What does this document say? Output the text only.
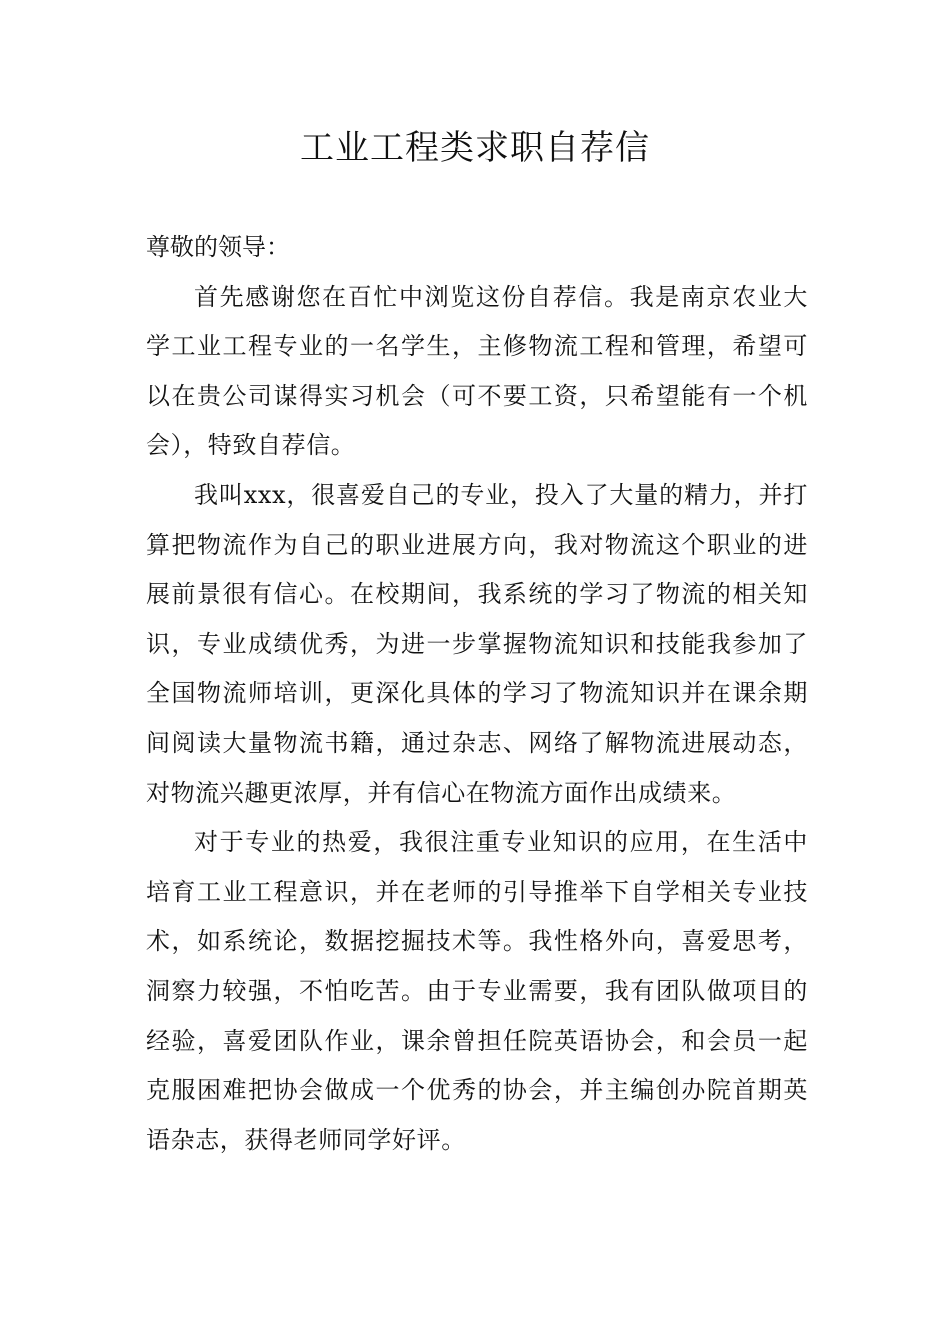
工业工程类求职自荐信

尊敬的领导：

首先感谢您在百忙中浏览这份自荐信。我是南京农业大学工业工程专业的一名学生，主修物流工程和管理，希望可以在贵公司谋得实习机会（可不要工资，只希望能有一个机会），特致自荐信。

我叫xxx，很喜爱自己的专业，投入了大量的精力，并打算把物流作为自己的职业进展方向，我对物流这个职业的进展前景很有信心。在校期间，我系统的学习了物流的相关知识，专业成绩优秀，为进一步掌握物流知识和技能我参加了全国物流师培训，更深化具体的学习了物流知识并在课余期间阅读大量物流书籍，通过杂志、网络了解物流进展动态，对物流兴趣更浓厚，并有信心在物流方面作出成绩来。

对于专业的热爱，我很注重专业知识的应用，在生活中培育工业工程意识，并在老师的引导推举下自学相关专业技术，如系统论，数据挖掘技术等。我性格外向，喜爱思考，洞察力较强，不怕吃苦。由于专业需要，我有团队做项目的经验，喜爱团队作业，课余曾担任院英语协会，和会员一起克服困难把协会做成一个优秀的协会，并主编创办院首期英语杂志，获得老师同学好评。
